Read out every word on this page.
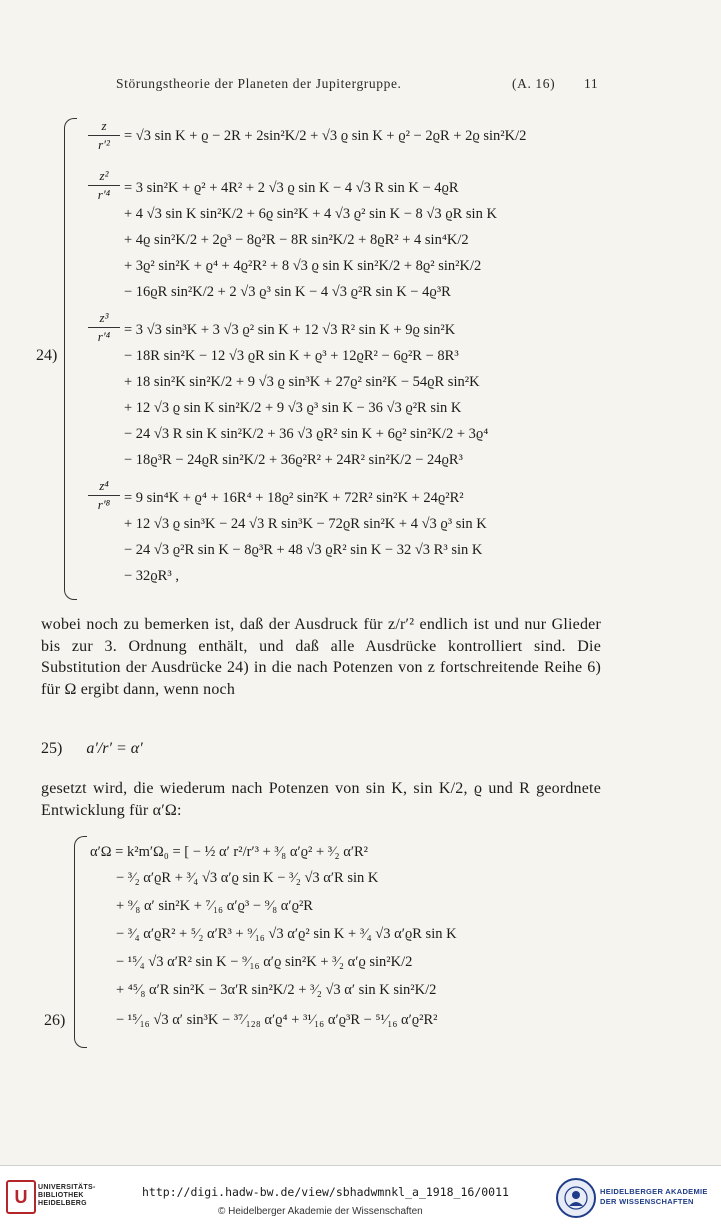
Störungstheorie der Planeten der Jupitergruppe.	(A. 16) 11
24)
$\frac{z}{\text{r′²}} = √3$ sin K + ϱ − 2R + 2sin²K/2 + √3 ϱ sin K + ϱ² − 2ϱR + 2ϱ sin²K/2
$\frac{\text{z²}}{\text{r′⁴}} = 3$ sin²K + ϱ² + 4R² + 2 √3 ϱ sin K − 4 √3 R sin K − 4ϱR
+ 4 √3 sin K sin²K/2 + 6ϱ sin²K + 4 √3 ϱ² sin K − 8 √3 ϱR sin K
+ 4ϱ sin²K/2 + 2ϱ³ − 8ϱ²R − 8R sin²K/2 + 8ϱR² + 4 sin⁴K/2
+ 3ϱ² sin²K + ϱ⁴ + 4ϱ²R² + 8 √3 ϱ sin K sin²K/2 + 8ϱ² sin²K/2
− 16ϱR sin²K/2 + 2 √3 ϱ³ sin K − 4 √3 ϱ²R sin K − 4ϱ³R
$\frac{\text{z³}}{\text{r′⁴}} = 3$ √3 sin³K + 3 √3 ϱ² sin K + 12 √3 R² sin K + 9ϱ sin²K
− 18R sin²K − 12 √3 ϱR sin K + ϱ³ + 12ϱR² − 6ϱ²R − 8R³
+ 18 sin²K sin²K/2 + 9 √3 ϱ sin³K + 27ϱ² sin²K − 54ϱR sin²K
+ 12 √3 ϱ sin K sin²K/2 + 9 √3 ϱ³ sin K − 36 √3 ϱ²R sin K
− 24 √3 R sin K sin²K/2 + 36 √3 ϱR² sin K + 6ϱ² sin²K/2 + 3ϱ⁴
− 18ϱ³R − 24ϱR sin²K/2 + 36ϱ²R² + 24R² sin²K/2 − 24ϱR³
$\frac{\text{z⁴}}{\text{r′⁸}} = 9$ sin⁴K + ϱ⁴ + 16R⁴ + 18ϱ² sin²K + 72R² sin²K + 24ϱ²R²
+ 12 √3 ϱ sin³K − 24 √3 R sin³K − 72ϱR sin²K + 4 √3 ϱ³ sin K
− 24 √3 ϱ²R sin K − 8ϱ³R + 48 √3 ϱR² sin K − 32 √3 R³ sin K
− 32ϱR³ ,
wobei noch zu bemerken ist, daß der Ausdruck für z/r′² endlich ist und nur Glieder bis zur 3. Ordnung enthält, und daß alle Ausdrücke kontrolliert sind. Die Substitution der Ausdrücke 24) in die nach Potenzen von z fortschreitende Reihe 6) für Ω ergibt dann, wenn noch
25) a′/r′ = α′
gesetzt wird, die wiederum nach Potenzen von sin K, sin K/2, ϱ und R geordnete Entwicklung für α′Ω:
26)
α′Ω = k²m′Ω₀ = [ − ½ α′ r²/r′³ + ³⁄₈ α′ϱ² + ³⁄₂ α′R²
− ³⁄₂ α′ϱR + ³⁄₄ √3 α′ϱ sin K − ³⁄₂ √3 α′R sin K
+ ⁹⁄₈ α′ sin²K + ⁷⁄₁₆ α′ϱ³ − ⁹⁄₈ α′ϱ²R
− ³⁄₄ α′ϱR² + ⁵⁄₂ α′R³ + ⁹⁄₁₆ √3 α′ϱ² sin K + ³⁄₄ √3 α′ϱR sin K
− ¹⁵⁄₄ √3 α′R² sin K − ⁹⁄₁₆ α′ϱ sin²K + ³⁄₂ α′ϱ sin²K/2
+ ⁴⁵⁄₈ α′R sin²K − 3α′R sin²K/2 + ³⁄₂ √3 α′ sin K sin²K/2
− ¹⁵⁄₁₆ √3 α′ sin³K − ³⁷⁄₁₂₈ α′ϱ⁴ + ³¹⁄₁₆ α′ϱ³R − ⁵¹⁄₁₆ α′ϱ²R²
U	UNIVERSITÄTS-
BIBLIOTHEK
HEIDELBERG
http://digi.hadw-bw.de/view/sbhadwmnkl_a_1918_16/0011
© Heidelberger Akademie der Wissenschaften
HEIDELBERGER AKADEMIE
DER WISSENSCHAFTEN
